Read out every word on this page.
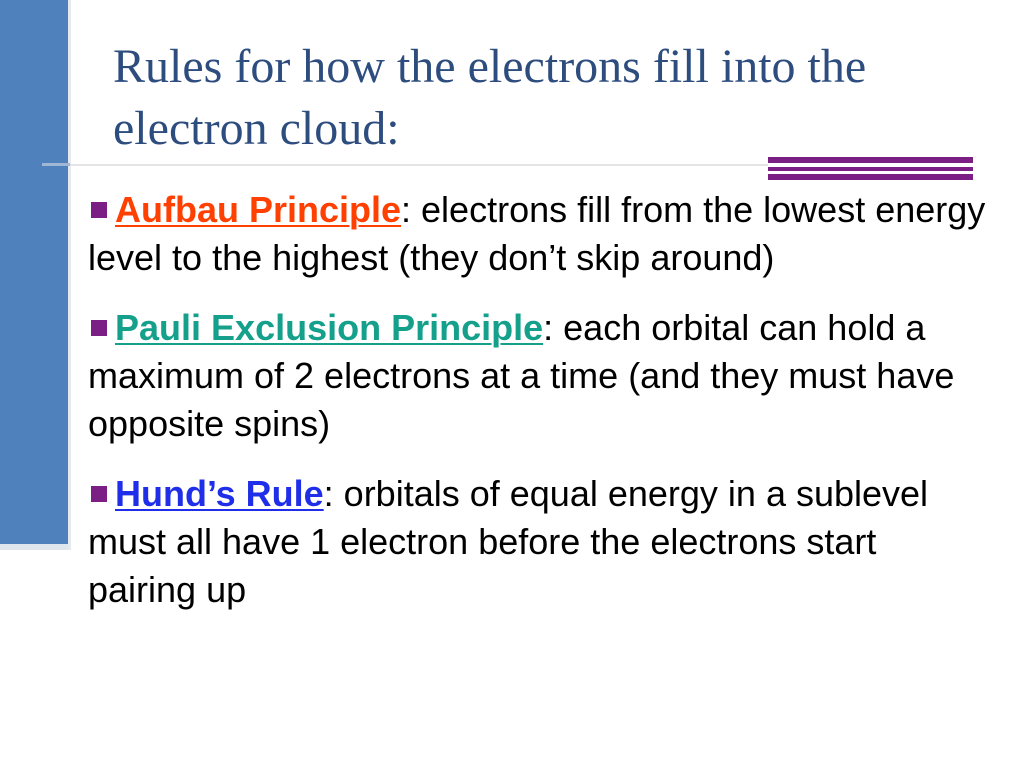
Rules for how the electrons fill into the electron cloud:

Aufbau Principle: electrons fill from the lowest energy level to the highest (they don’t skip around)

Pauli Exclusion Principle: each orbital can hold a maximum of 2 electrons at a time (and they must have opposite spins)

Hund’s Rule: orbitals of equal energy in a sublevel must all have 1 electron before the electrons start pairing up
